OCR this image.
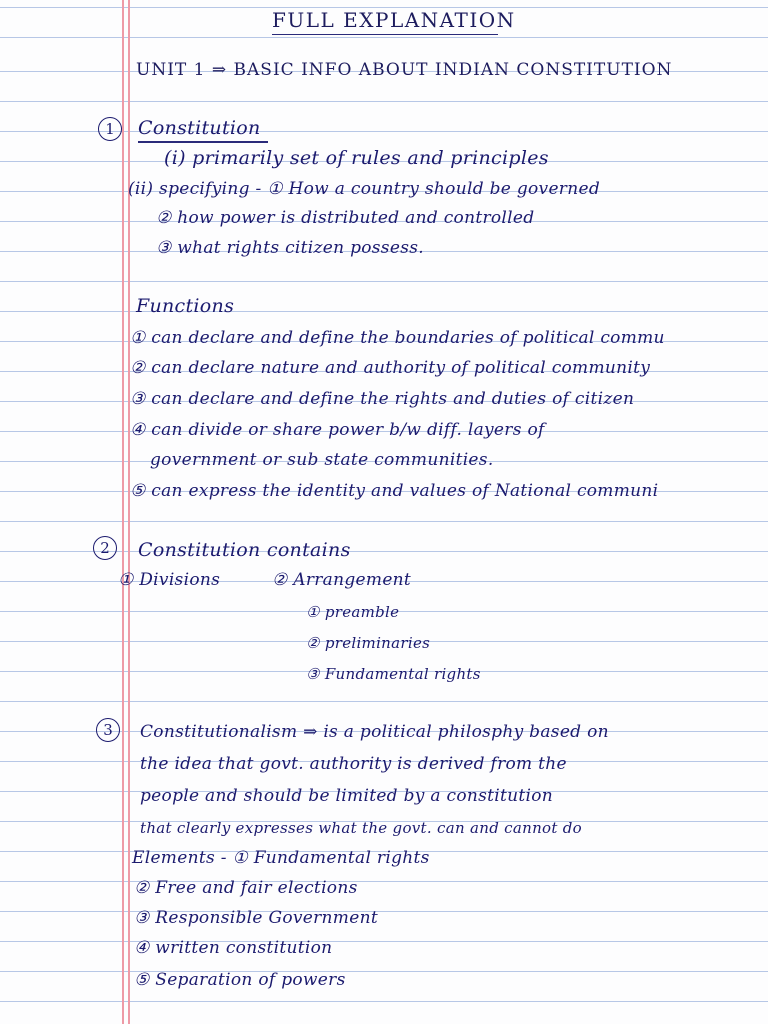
FULL EXPLANATION
UNIT 1 ⇒ BASIC INFO ABOUT INDIAN CONSTITUTION
1	Constitution
(i) primarily set of rules and principles
(ii) specifying - ① How a country should be governed
② how power is distributed and controlled
③ what rights citizen possess.
Functions
① can declare and define the boundaries of political commu
② can declare nature and authority of political community
③ can declare and define the rights and duties of citizen
④ can divide or share power b/w diff. layers of
government or sub state communities.
⑤ can express the identity and values of National communi
2	Constitution contains
① Divisions	② Arrangement
① preamble
② preliminaries
③ Fundamental rights
3	Constitutionalism ⇒ is a political philosphy based on
the idea that govt. authority is derived from the
people and should be limited by a constitution
that clearly expresses what the govt. can and cannot do
Elements - ① Fundamental rights
② Free and fair elections
③ Responsible Government
④ written constitution
⑤ Separation of powers
